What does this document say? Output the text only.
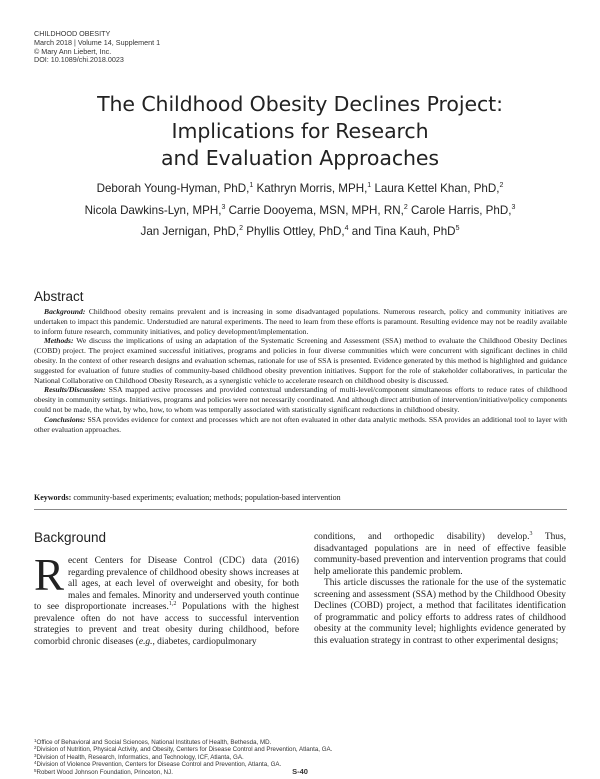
CHILDHOOD OBESITY
March 2018 | Volume 14, Supplement 1
© Mary Ann Liebert, Inc.
DOI: 10.1089/chi.2018.0023
The Childhood Obesity Declines Project:
Implications for Research
and Evaluation Approaches
Deborah Young-Hyman, PhD,$^1$ Kathryn Morris, MPH,$^1$ Laura Kettel Khan, PhD,$^2$
Nicola Dawkins-Lyn, MPH,$^3$ Carrie Dooyema, MSN, MPH, RN,$^2$ Carole Harris, PhD,$^3$
Jan Jernigan, PhD,$^2$ Phyllis Ottley, PhD,$^4$ and Tina Kauh, PhD$^5$
Abstract

Background: Childhood obesity remains prevalent and is increasing in some disadvantaged populations. Numerous research, policy and community initiatives are undertaken to impact this pandemic. Understudied are natural experiments. The need to learn from these efforts is paramount. Resulting evidence may not be readily available to inform future research, community initiatives, and policy development/implementation.

Methods: We discuss the implications of using an adaptation of the Systematic Screening and Assessment (SSA) method to evaluate the Childhood Obesity Declines (COBD) project. The project examined successful initiatives, programs and policies in four diverse communities which were concurrent with significant declines in child obesity. In the context of other research designs and evaluation schemas, rationale for use of SSA is presented. Evidence generated by this method is highlighted and guidance suggested for evaluation of future studies of community-based childhood obesity prevention initiatives. Support for the role of stakeholder collaboratives, in particular the National Collaborative on Childhood Obesity Research, as a synergistic vehicle to accelerate research on childhood obesity is discussed.

Results/Discussion: SSA mapped active processes and provided contextual understanding of multi-level/component simultaneous efforts to reduce rates of childhood obesity in community settings. Initiatives, programs and policies were not necessarily coordinated. And although direct attribution of intervention/initiative/policy components could not be made, the what, by who, how, to whom was temporally associated with statistically significant reductions in childhood obesity.

Conclusions: SSA provides evidence for context and processes which are not often evaluated in other data analytic methods. SSA provides an additional tool to layer with other evaluation approaches.

Keywords: community-based experiments; evaluation; methods; population-based intervention
Background

Recent Centers for Disease Control (CDC) data (2016) regarding prevalence of childhood obesity shows increases at all ages, at each level of overweight and obesity, for both males and females. Minority and underserved youth continue to see disproportionate increases.$^{1,2}$ Populations with the highest prevalence often do not have access to successful intervention strategies to prevent and treat obesity during childhood, before comorbid chronic diseases (e.g., diabetes, cardiopulmonary

conditions, and orthopedic disability) develop.$^3$ Thus, disadvantaged populations are in need of effective feasible community-based prevention and intervention programs that could help ameliorate this pandemic problem.

This article discusses the rationale for the use of the systematic screening and assessment (SSA) method by the Childhood Obesity Declines (COBD) project, a method that facilitates identification of programmatic and policy efforts to address rates of childhood obesity at the community level; highlights evidence generated by this evaluation strategy in contrast to other experimental designs;

$^1$Office of Behavioral and Social Sciences, National Institutes of Health, Bethesda, MD.
$^2$Division of Nutrition, Physical Activity, and Obesity, Centers for Disease Control and Prevention, Atlanta, GA.
$^3$Division of Health, Research, Informatics, and Technology, ICF, Atlanta, GA.
$^4$Division of Violence Prevention, Centers for Disease Control and Prevention, Atlanta, GA.
$^5$Robert Wood Johnson Foundation, Princeton, NJ.	S-40
